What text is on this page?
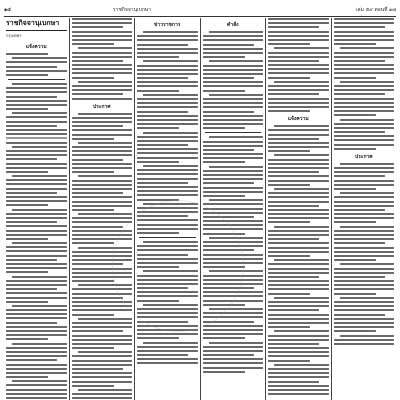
๑๔	ราชกิจจานุเบกษา	เล่ม ๕๙ ตอนที่ ๑๗
ราชกิจจานุเบกษา
กรุงเทพฯ
แจ้งความ
ประกาศ
ข่าวราชการ	คำสั่ง
แจ้งความ
ประกาศ
